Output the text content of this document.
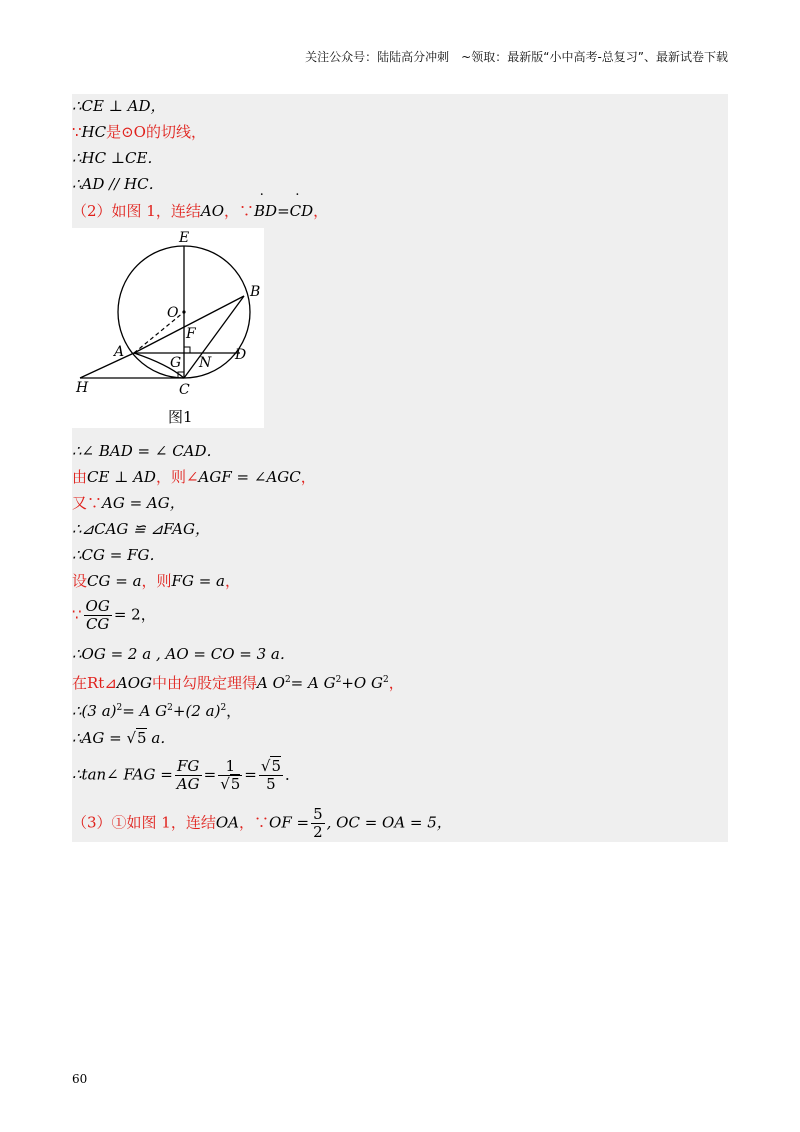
关注公众号：陆陆高分冲刺　~领取：最新版“小中高考-总复习”、最新试卷下载
∴CE ⊥ AD，
∵HC是⊙O的切线，
∴HC ⊥CE．
∴AD // HC．
（2）如图 1，连结AO，∵˙ BD=˙ CD，
E
B
O
F
A
G N D
H	C
图1
∴∠ BAD = ∠ CAD．
由CE ⊥ AD，则∠AGF = ∠AGC，
又∵AG = AG，
∴⊿CAG ≌ ⊿FAG，
∴CG = FG．
设CG = a，则FG = a，
∵ $\frac{OG}{CG} = 2$，
∴OG = 2 a , AO = CO = 3 a．
在Rt⊿AOG中由勾股定理得A $O^2= A$ $G^2+O$ $G^2$，
∴(3 a)$^2$= A $G^2+(2$ a)$^2$，
∴AG = √5 a．
∴tan∠ FAG = $\frac{FG}{AG} = \frac{1}{√5} = \frac{√5}{5}$ ．
（3）①如图 1，连结OA，∵OF = $\frac{5}{2}$ , OC = OA = 5，
60
